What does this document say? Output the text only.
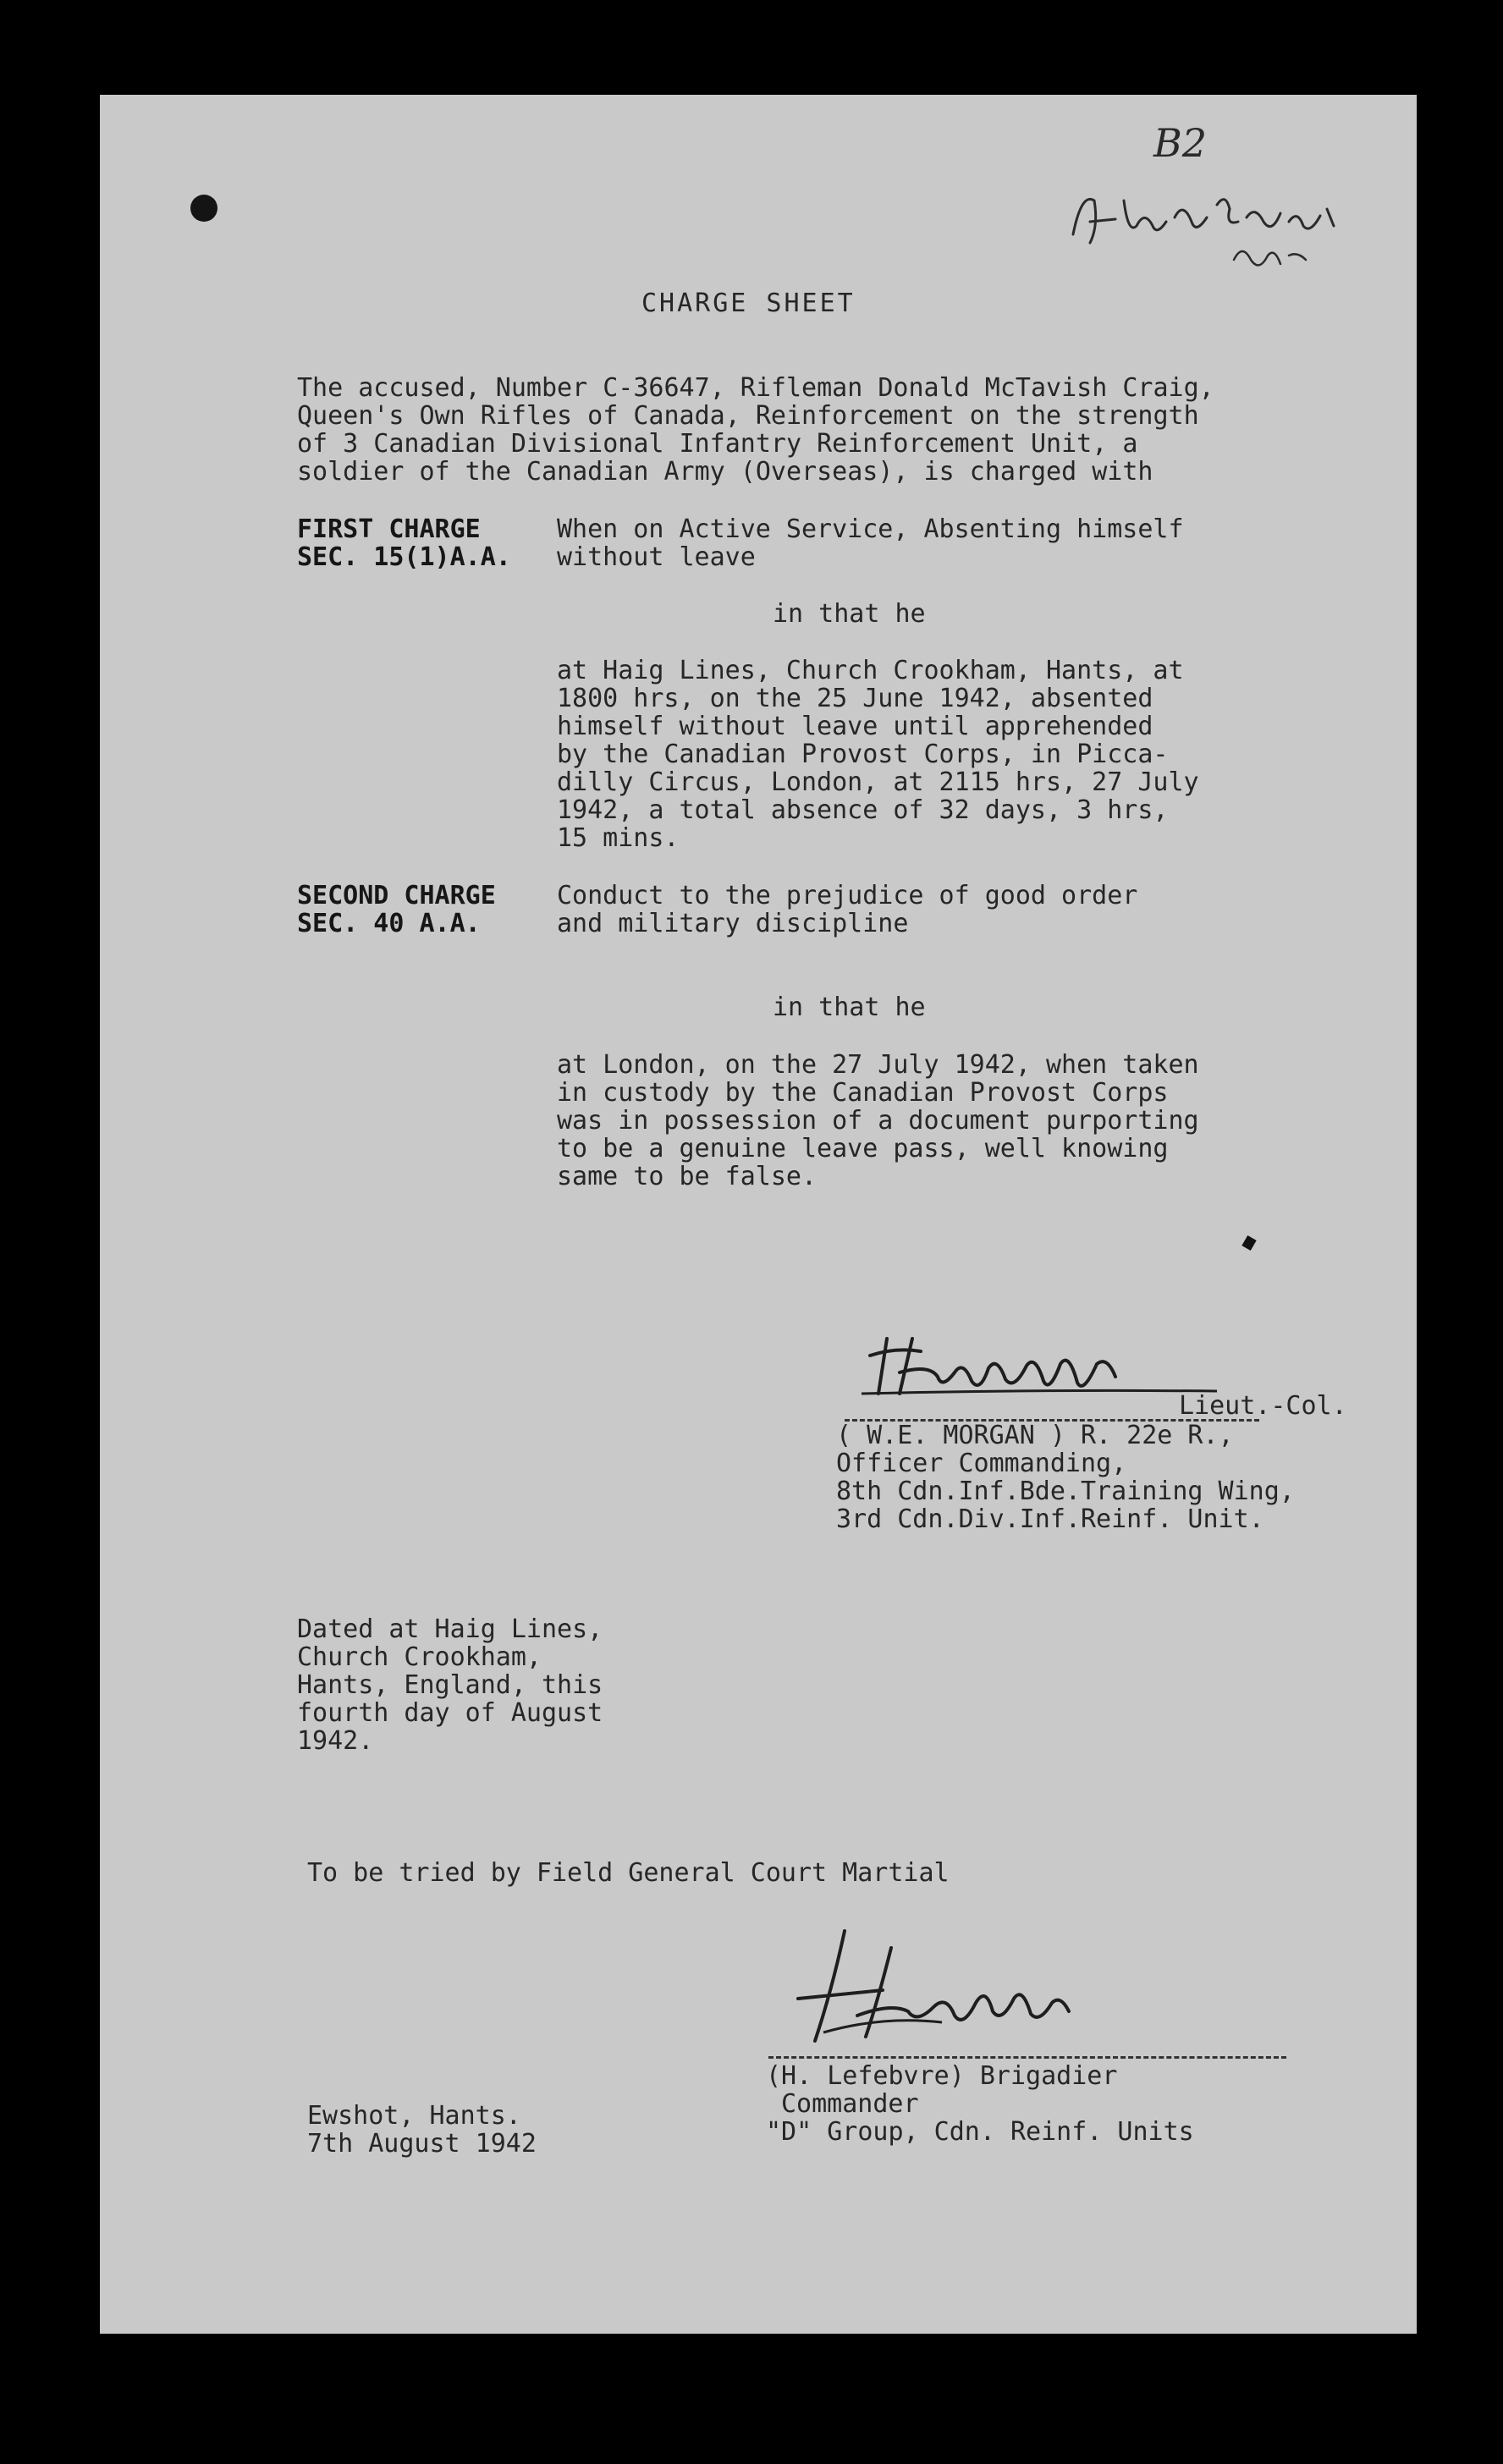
B2

CHARGE SHEET

The accused, Number C-36647, Rifleman Donald McTavish Craig,

Queen's Own Rifles of Canada, Reinforcement on the strength

of 3 Canadian Divisional Infantry Reinforcement Unit, a

soldier of the Canadian Army (Overseas), is charged with

FIRST CHARGE

SEC. 15(1)A.A.

When on Active Service, Absenting himself

without leave

in that he

at Haig Lines, Church Crookham, Hants, at

1800 hrs, on the 25 June 1942, absented

himself without leave until apprehended

by the Canadian Provost Corps, in Picca-

dilly Circus, London, at 2115 hrs, 27 July

1942, a total absence of 32 days, 3 hrs,

15 mins.

SECOND CHARGE

SEC. 40 A.A.

Conduct to the prejudice of good order

and military discipline

in that he

at London, on the 27 July 1942, when taken

in custody by the Canadian Provost Corps

was in possession of a document purporting

to be a genuine leave pass, well knowing

same to be false.

Lieut.-Col.

( W.E. MORGAN ) R. 22e R.,

Officer Commanding,

8th Cdn.Inf.Bde.Training Wing,

3rd Cdn.Div.Inf.Reinf. Unit.

Dated at Haig Lines,

Church Crookham,

Hants, England, this

fourth day of August

1942.

To be tried by Field General Court Martial

(H. Lefebvre) Brigadier

Commander

"D" Group, Cdn. Reinf. Units

Ewshot, Hants.

7th August 1942
